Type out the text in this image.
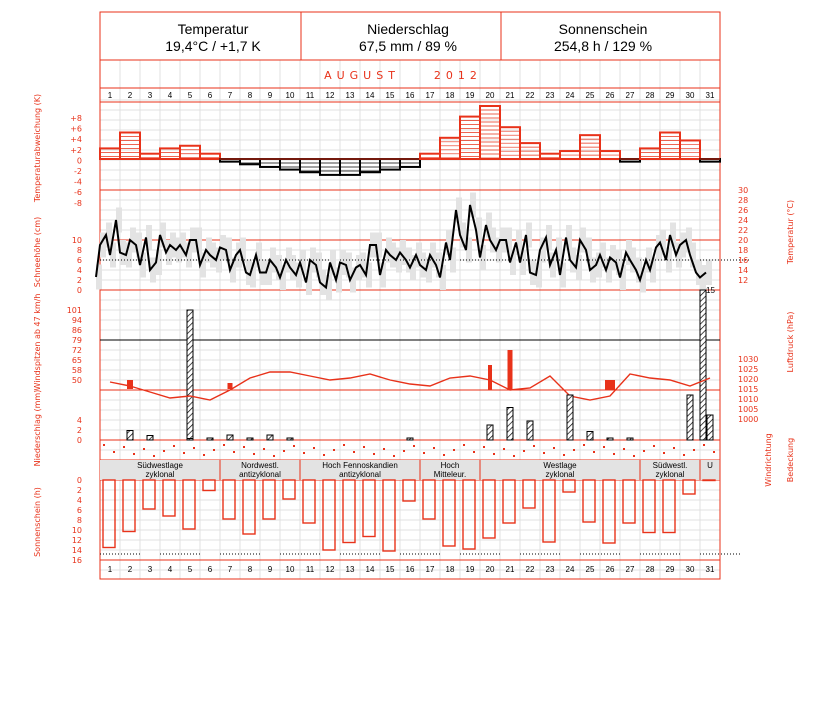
Temperatur
19,4°C / +1,7 K
Niederschlag
67,5 mm / 89 %
Sonnenschein
254,8 h / 129 %
AUGUST    2012
1 2 3 4 5 6 7 8 9 10 11 12 13 14 15 16 17 18 19 20 21 22 23 24 25 26 27 28 29 30 31
1 2 3 4 5 6 7 8 9 10 11 12 13 14 15 16 17 18 19 20 21 22 23 24 25 26 27 28 29 30 31
15
Südwestlage
zyklonal
Nordwestl.
antizyklonal
Hoch Fennoskandien
antizyklonal
Hoch
Mitteleur.
Westlage
zyklonal
Südwestl.
zyklonal
U
+8
+6
+4
+2
0
-2
-4
-6
-8
30
28
26
24
22
20
18
16
14
12
10
8
6
4
2
0
101
94
86
79
72
65
58
50
1030
1025
1020
1015
1010
1005
1000
4
2
0
0
2
4
6
8
10
12
14
16
Temperaturabweichung (K)
Schneehöhe (cm)	Temperatur (°C)
Windspitzen ab 47 km/h	Luftdruck (hPa)
Niederschlag (mm)	Windrichtung Bedeckung
Sonnenschein (h)
